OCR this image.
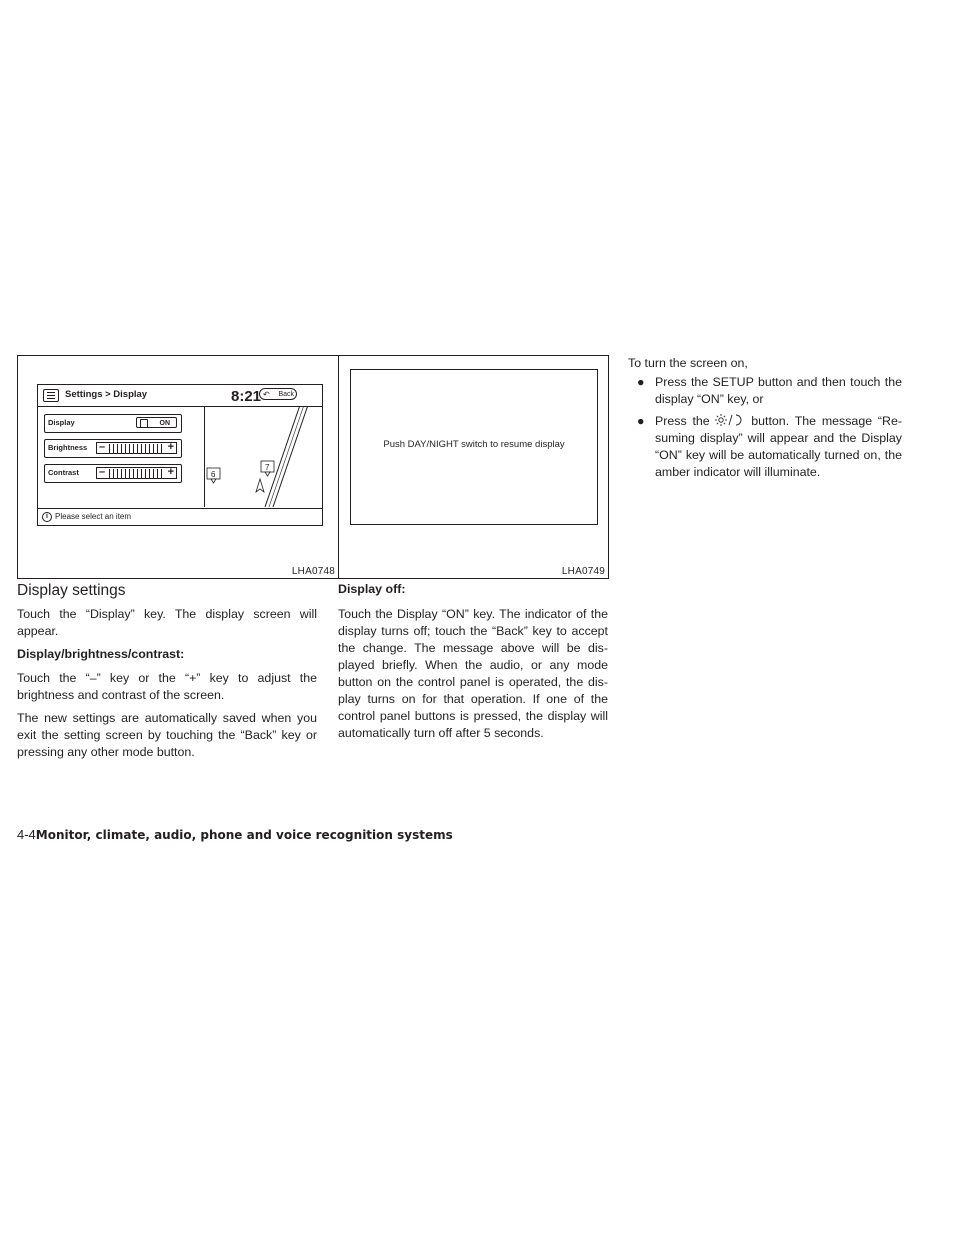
Settings > Display	8:21 ↶ Back
Display	ON
Brightness –	+
Contrast –	+	6
7
i Please select an item
LHA0748
Push DAY/NIGHT switch to resume display
LHA0749
Display settings
Touch the “Display” key. The display screen will appear.
Display/brightness/contrast:
Touch the “–” key or the “+” key to adjust the brightness and contrast of the screen.
The new settings are automatically saved when you exit the setting screen by touching the “Back” key or pressing any other mode button.
Display off:
Touch the Display “ON” key. The indicator of the display turns off; touch the “Back” key to accept the change. The message above will be dis- played briefly. When the audio, or any mode button on the control panel is operated, the dis- play turns on for that operation. If one of the control panel buttons is pressed, the display will automatically turn off after 5 seconds.
To turn the screen on,
● Press the SETUP button and then touch the display “ON” key, or
● Press the	button. The message “Re- suming display” will appear and the Display “ON” key will be automatically turned on, the amber indicator will illuminate.
4-4Monitor, climate, audio, phone and voice recognition systems
